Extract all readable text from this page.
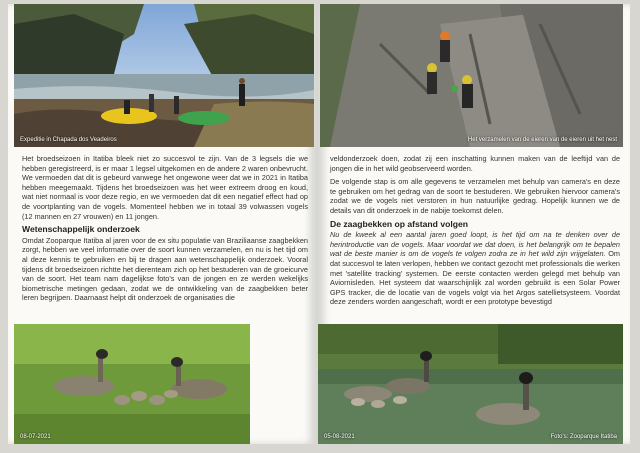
Expeditie in Chapada dos Veadeiros

Het broedseizoen in Itatiba bleek niet zo succesvol te zijn. Van de 3 legsels die we hebben geregistreerd, is er maar 1 legsel uitgekomen en de andere 2 waren onbevrucht. We vermoeden dat dit is gebeurd vanwege het ongewone weer dat we in 2021 in Itatiba hebben meegemaakt. Tijdens het broedseizoen was het weer extreem droog en koud, wat niet normaal is voor deze regio, en we vermoeden dat dit een negatief effect had op de voortplanting van de vogels. Momenteel hebben we in totaal 39 volwassen vogels (12 mannen en 27 vrouwen) en 11 jongen.

Wetenschappelijk onderzoek

Omdat Zooparque Itatiba al jaren voor de ex situ populatie van Braziliaanse zaagbekken zorgt, hebben we veel informatie over de soort kunnen verzamelen, en nu is het tijd om al deze kennis te gebruiken en bij te dragen aan wetenschappelijk onderzoek. Vooral tijdens dit broedseizoen richtte het dierenteam zich op het bestuderen van de groeicurve van de soort. Het team nam dagelijkse foto's van de jongen en ze werden wekelijks biometrische metingen gedaan, zodat we de ontwikkeling van de zaagbekken beter leren begrijpen. Daarnaast helpt dit onderzoek de organisaties die

08-07-2021
Het verzamelen van de eieren van de eieren uit het nest

veldonderzoek doen, zodat zij een inschatting kunnen maken van de leeftijd van de jongen die in het wild geobserveerd worden.

De volgende stap is om alle gegevens te verzamelen met behulp van camera's en deze te gebruiken om het gedrag van de soort te bestuderen. We gebruiken hiervoor camera's zodat we de vogels niet verstoren in hun natuurlijke gedrag. Hopelijk kunnen we de details van dit onderzoek in de nabije toekomst delen.

De zaagbekken op afstand volgen

Nu de kweek al een aantal jaren goed loopt, is het tijd om na te denken over de herintroductie van de vogels. Maar voordat we dat doen, is het belangrijk om te bepalen wat de beste manier is om de vogels te volgen zodra ze in het wild zijn vrijgelaten. Om dat succesvol te laten verlopen, hebben we contact gezocht met professionals die werken met 'satellite tracking' systemen. De eerste contacten werden gelegd met behulp van Aviornisleden. Het systeem dat waarschijnlijk zal worden gebruikt is een Solar Power GPS tracker, die de locatie van de vogels volgt via het Argos satellietsysteem. Voordat deze zenders worden aangeschaft, wordt er een prototype bevestigd

05-08-2021	Foto's: Zooparque Itatiba
